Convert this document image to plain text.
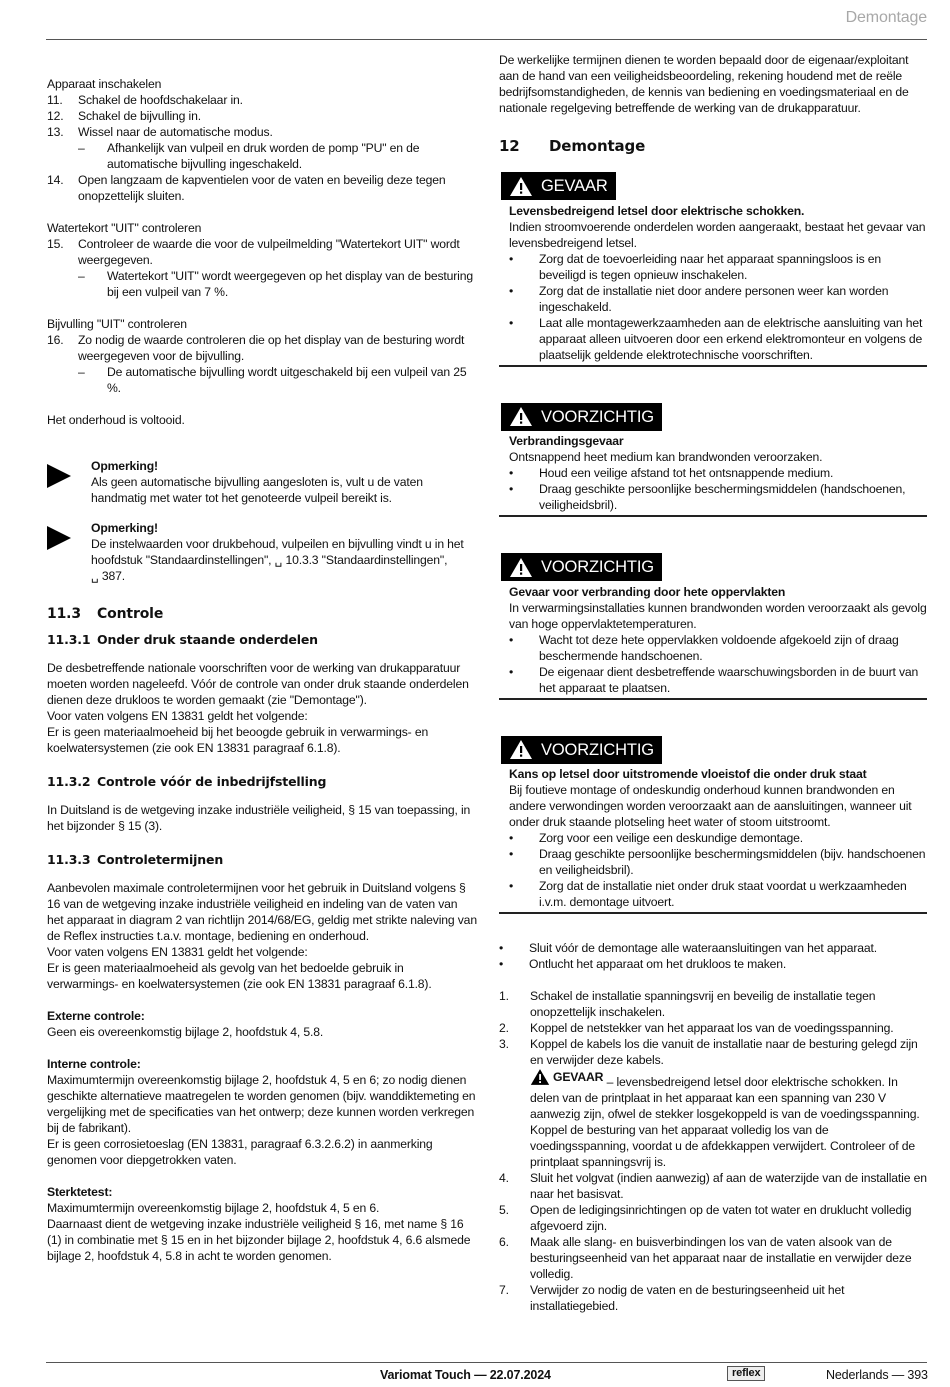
Demontage

Apparaat inschakelen

11.	Schakel de hoofdschakelaar in.
12.	Schakel de bijvulling in.
13.	Wissel naar de automatische modus.
–	Afhankelijk van vulpeil en druk worden de pomp "PU" en de automatische bijvulling ingeschakeld.
14.	Open langzaam de kapventielen voor de vaten en beveilig deze tegen onopzettelijk sluiten.

Watertekort "UIT" controleren

15.	Controleer de waarde die voor de vulpeilmelding "Watertekort UIT" wordt weergegeven.
–	Watertekort "UIT" wordt weergegeven op het display van de besturing bij een vulpeil van 7 %.

Bijvulling "UIT" controleren

16.	Zo nodig de waarde controleren die op het display van de besturing wordt weergegeven voor de bijvulling.
–	De automatische bijvulling wordt uitgeschakeld bij een vulpeil van 25 %.

Het onderhoud is voltooid.

Opmerking!

Als geen automatische bijvulling aangesloten is, vult u de vaten handmatig met water tot het genoteerde vulpeil bereikt is.

Opmerking!

De instelwaarden voor drukbehoud, vulpeilen en bijvulling vindt u in het hoofdstuk "Standaardinstellingen", ␣ 10.3.3 "Standaardinstellingen",

␣ 387.

11.3	Controle
11.3.1 Onder druk staande onderdelen

De desbetreffende nationale voorschriften voor de werking van drukapparatuur moeten worden nageleefd. Vóór de controle van onder druk staande onderdelen dienen deze drukloos te worden gemaakt (zie "Demontage").

Voor vaten volgens EN 13831 geldt het volgende:

Er is geen materiaalmoeheid bij het beoogde gebruik in verwarmings- en koelwatersystemen (zie ook EN 13831 paragraaf 6.1.8).

11.3.2 Controle vóór de inbedrijfstelling

In Duitsland is de wetgeving inzake industriële veiligheid, § 15 van toepassing, in het bijzonder § 15 (3).

11.3.3 Controletermijnen

Aanbevolen maximale controletermijnen voor het gebruik in Duitsland volgens § 16 van de wetgeving inzake industriële veiligheid en indeling van de vaten van het apparaat in diagram 2 van richtlijn 2014/68/EG, geldig met strikte naleving van de Reflex instructies t.a.v. montage, bediening en onderhoud.

Voor vaten volgens EN 13831 geldt het volgende:

Er is geen materiaalmoeheid als gevolg van het bedoelde gebruik in verwarmings- en koelwatersystemen (zie ook EN 13831 paragraaf 6.1.8).

Externe controle:

Geen eis overeenkomstig bijlage 2, hoofdstuk 4, 5.8.

Interne controle:

Maximumtermijn overeenkomstig bijlage 2, hoofdstuk 4, 5 en 6; zo nodig dienen geschikte alternatieve maatregelen te worden genomen (bijv. wanddiktemeting en vergelijking met de specificaties van het ontwerp; deze kunnen worden verkregen bij de fabrikant).

Er is geen corrosietoeslag (EN 13831, paragraaf 6.3.2.6.2) in aanmerking genomen voor diepgetrokken vaten.

Sterktetest:

Maximumtermijn overeenkomstig bijlage 2, hoofdstuk 4, 5 en 6.

Daarnaast dient de wetgeving inzake industriële veiligheid § 16, met name § 16 (1) in combinatie met § 15 en in het bijzonder bijlage 2, hoofdstuk 4, 6.6 alsmede bijlage 2, hoofdstuk 4, 5.8 in acht te worden genomen.

De werkelijke termijnen dienen te worden bepaald door de eigenaar/exploitant aan de hand van een veiligheidsbeoordeling, rekening houdend met de reële bedrijfsomstandigheden, de kennis van bediening en voedingsmateriaal en de nationale regelgeving betreffende de werking van de drukapparatuur.

12	Demontage
GEVAAR

Levensbedreigend letsel door elektrische schokken.

Indien stroomvoerende onderdelen worden aangeraakt, bestaat het gevaar van levensbedreigend letsel.

•	Zorg dat de toevoerleiding naar het apparaat spanningsloos is en beveiligd is tegen opnieuw inschakelen.
•	Zorg dat de installatie niet door andere personen weer kan worden ingeschakeld.
•	Laat alle montagewerkzaamheden aan de elektrische aansluiting van het apparaat alleen uitvoeren door een erkend elektromonteur en volgens de plaatselijk geldende elektrotechnische voorschriften.
VOORZICHTIG

Verbrandingsgevaar

Ontsnappend heet medium kan brandwonden veroorzaken.

•	Houd een veilige afstand tot het ontsnappende medium.
•	Draag geschikte persoonlijke beschermingsmiddelen (handschoenen, veiligheidsbril).
VOORZICHTIG

Gevaar voor verbranding door hete oppervlakten

In verwarmingsinstallaties kunnen brandwonden worden veroorzaakt als gevolg van hoge oppervlaktetemperaturen.

•	Wacht tot deze hete oppervlakken voldoende afgekoeld zijn of draag beschermende handschoenen.
•	De eigenaar dient desbetreffende waarschuwingsborden in de buurt van het apparaat te plaatsen.
VOORZICHTIG

Kans op letsel door uitstromende vloeistof die onder druk staat

Bij foutieve montage of ondeskundig onderhoud kunnen brandwonden en andere verwondingen worden veroorzaakt aan de aansluitingen, wanneer uit onder druk staande plotseling heet water of stoom uitstroomt.

•	Zorg voor een veilige een deskundige demontage.
•	Draag geschikte persoonlijke beschermingsmiddelen (bijv. handschoenen en veiligheidsbril).
•	Zorg dat de installatie niet onder druk staat voordat u werkzaamheden i.v.m. demontage uitvoert.
•	Sluit vóór de demontage alle wateraansluitingen van het apparaat.
•	Ontlucht het apparaat om het drukloos te maken.
1.	Schakel de installatie spanningsvrij en beveilig de installatie tegen onopzettelijk inschakelen.
2.	Koppel de netstekker van het apparaat los van de voedingsspanning.
3.	Koppel de kabels los die vanuit de installatie naar de besturing gelegd zijn en verwijder deze kabels.
GEVAAR – levensbedreigend letsel door elektrische schokken. In delen van de printplaat in het apparaat kan een spanning van 230 V aanwezig zijn, ofwel de stekker losgekoppeld is van de voedingsspanning. Koppel de besturing van het apparaat volledig los van de voedingsspanning, voordat u de afdekkappen verwijdert. Controleer of de printplaat spanningsvrij is.
4.	Sluit het volgvat (indien aanwezig) af aan de waterzijde van de installatie en naar het basisvat.
5.	Open de ledigingsinrichtingen op de vaten tot water en druklucht volledig afgevoerd zijn.
6.	Maak alle slang- en buisverbindingen los van de vaten alsook van de besturingseenheid van het apparaat naar de installatie en verwijder deze volledig.
7.	Verwijder zo nodig de vaten en de besturingseenheid uit het installatiegebied.
Variomat Touch — 22.07.2024	reflex	Nederlands — 393
